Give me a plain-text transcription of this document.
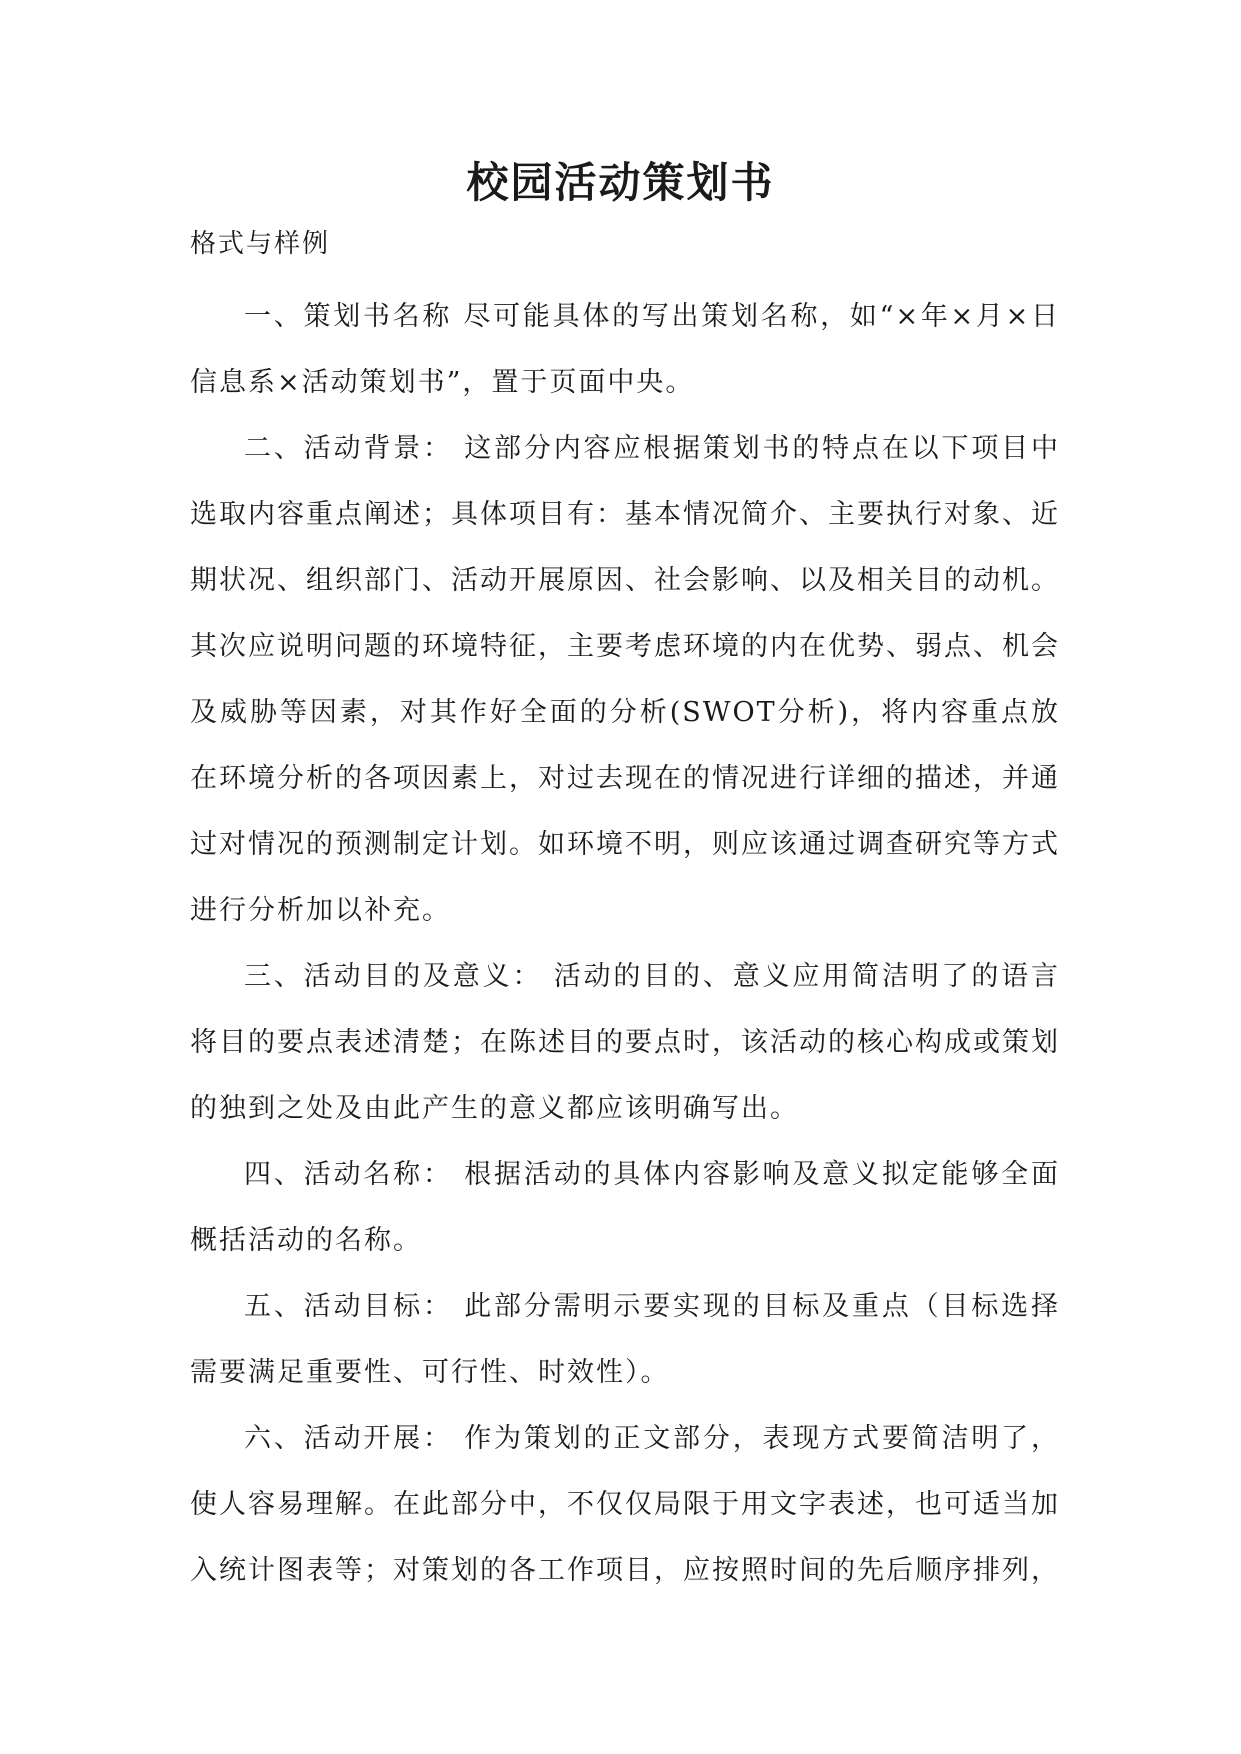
校园活动策划书

格式与样例

一、策划书名称 尽可能具体的写出策划名称，如“×年×月×日信息系×活动策划书”，置于页面中央。

二、活动背景： 这部分内容应根据策划书的特点在以下项目中选取内容重点阐述；具体项目有：基本情况简介、主要执行对象、近期状况、组织部门、活动开展原因、社会影响、以及相关目的动机。其次应说明问题的环境特征，主要考虑环境的内在优势、弱点、机会及威胁等因素，对其作好全面的分析(SWOT分析)，将内容重点放在环境分析的各项因素上，对过去现在的情况进行详细的描述，并通过对情况的预测制定计划。如环境不明，则应该通过调查研究等方式进行分析加以补充。

三、活动目的及意义： 活动的目的、意义应用简洁明了的语言将目的要点表述清楚；在陈述目的要点时，该活动的核心构成或策划的独到之处及由此产生的意义都应该明确写出。

四、活动名称： 根据活动的具体内容影响及意义拟定能够全面概括活动的名称。

五、活动目标： 此部分需明示要实现的目标及重点（目标选择需要满足重要性、可行性、时效性）。

六、活动开展： 作为策划的正文部分，表现方式要简洁明了，使人容易理解。在此部分中，不仅仅局限于用文字表述，也可适当加入统计图表等；对策划的各工作项目，应按照时间的先后顺序排列，
